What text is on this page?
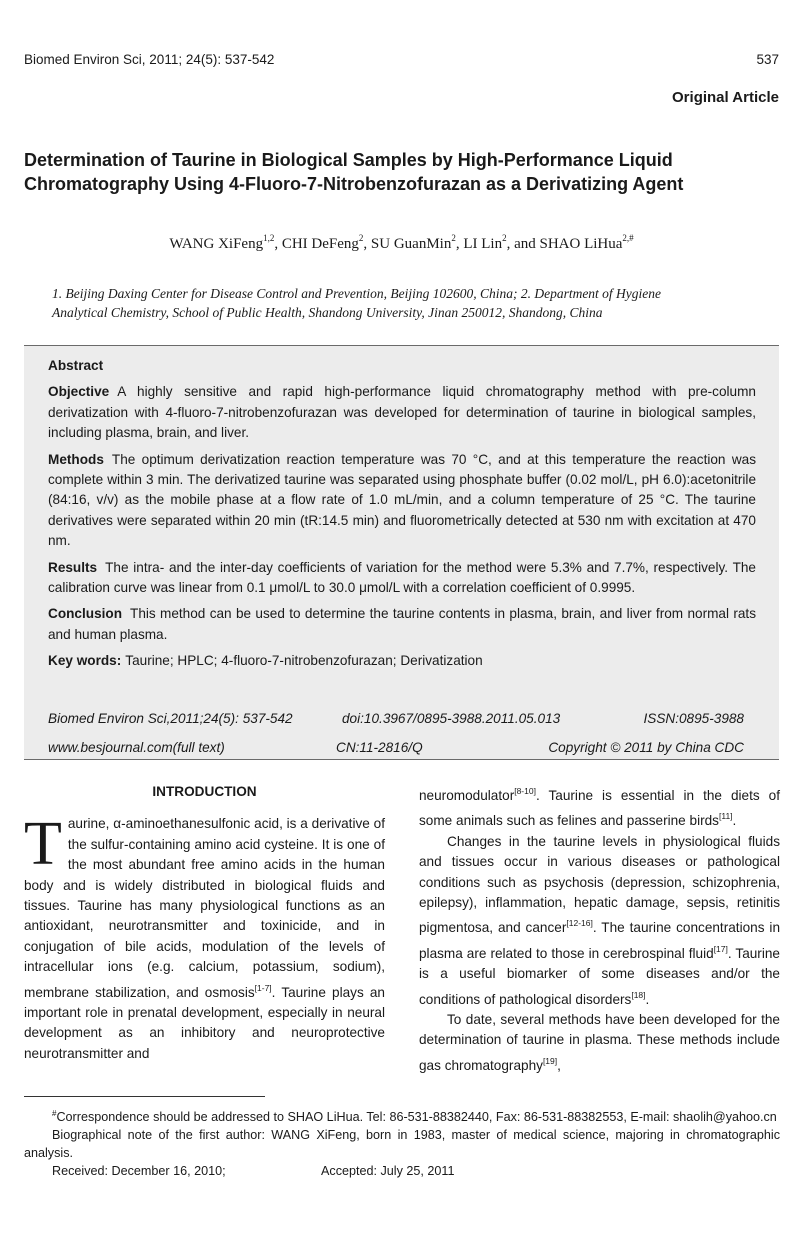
Biomed Environ Sci, 2011; 24(5): 537-542	537
Original Article
Determination of Taurine in Biological Samples by High-Performance Liquid
Chromatography Using 4-Fluoro-7-Nitrobenzofurazan as a Derivatizing Agent
WANG XiFeng$^{1,2}$, CHI DeFeng$^2$, SU GuanMin$^2$, LI Lin$^2$, and SHAO LiHua$^{2,\#}$
1. Beijing Daxing Center for Disease Control and Prevention, Beijing 102600, China; 2. Department of Hygiene
Analytical Chemistry, School of Public Health, Shandong University, Jinan 250012, Shandong, China
Abstract

Objective A highly sensitive and rapid high-performance liquid chromatography method with pre-column derivatization with 4-fluoro-7-nitrobenzofurazan was developed for determination of taurine in biological samples, including plasma, brain, and liver.

Methods The optimum derivatization reaction temperature was 70 °C, and at this temperature the reaction was complete within 3 min. The derivatized taurine was separated using phosphate buffer (0.02 mol/L, pH 6.0):acetonitrile (84:16, v/v) as the mobile phase at a flow rate of 1.0 mL/min, and a column temperature of 25 °C. The taurine derivatives were separated within 20 min (tR:14.5 min) and fluorometrically detected at 530 nm with excitation at 470 nm.

Results The intra- and the inter-day coefficients of variation for the method were 5.3% and 7.7%, respectively. The calibration curve was linear from 0.1 μmol/L to 30.0 μmol/L with a correlation coefficient of 0.9995.

Conclusion This method can be used to determine the taurine contents in plasma, brain, and liver from normal rats and human plasma.

Key words: Taurine; HPLC; 4-fluoro-7-nitrobenzofurazan; Derivatization

Biomed Environ Sci,2011;24(5): 537-542	doi:10.3967/0895-3988.2011.05.013	ISSN:0895-3988
www.besjournal.com(full text)	CN:11-2816/Q	Copyright © 2011 by China CDC
INTRODUCTION

Taurine, α-aminoethanesulfonic acid, is a derivative of the sulfur-containing amino acid cysteine. It is one of the most abundant free amino acids in the human body and is widely distributed in biological fluids and tissues. Taurine has many physiological functions as an antioxidant, neurotransmitter and toxinicide, and in conjugation of bile acids, modulation of the levels of intracellular ions (e.g. calcium, potassium, sodium), membrane stabilization, and osmosis[1-7]. Taurine plays an important role in prenatal development, especially in neural development as an inhibitory and neuroprotective neurotransmitter and

neuromodulator[8-10]. Taurine is essential in the diets of some animals such as felines and passerine birds[11].

Changes in the taurine levels in physiological fluids and tissues occur in various diseases or pathological conditions such as psychosis (depression, schizophrenia, epilepsy), inflammation, hepatic damage, sepsis, retinitis pigmentosa, and cancer[12-16]. The taurine concentrations in plasma are related to those in cerebrospinal fluid[17]. Taurine is a useful biomarker of some diseases and/or the conditions of pathological disorders[18].

To date, several methods have been developed for the determination of taurine in plasma. These methods include gas chromatography[19],

#Correspondence should be addressed to SHAO LiHua. Tel: 86-531-88382440, Fax: 86-531-88382553, E-mail: shaolih@yahoo.cn

Biographical note of the first author: WANG XiFeng, born in 1983, master of medical science, majoring in chromatographic analysis.

Received: December 16, 2010;	Accepted: July 25, 2011
